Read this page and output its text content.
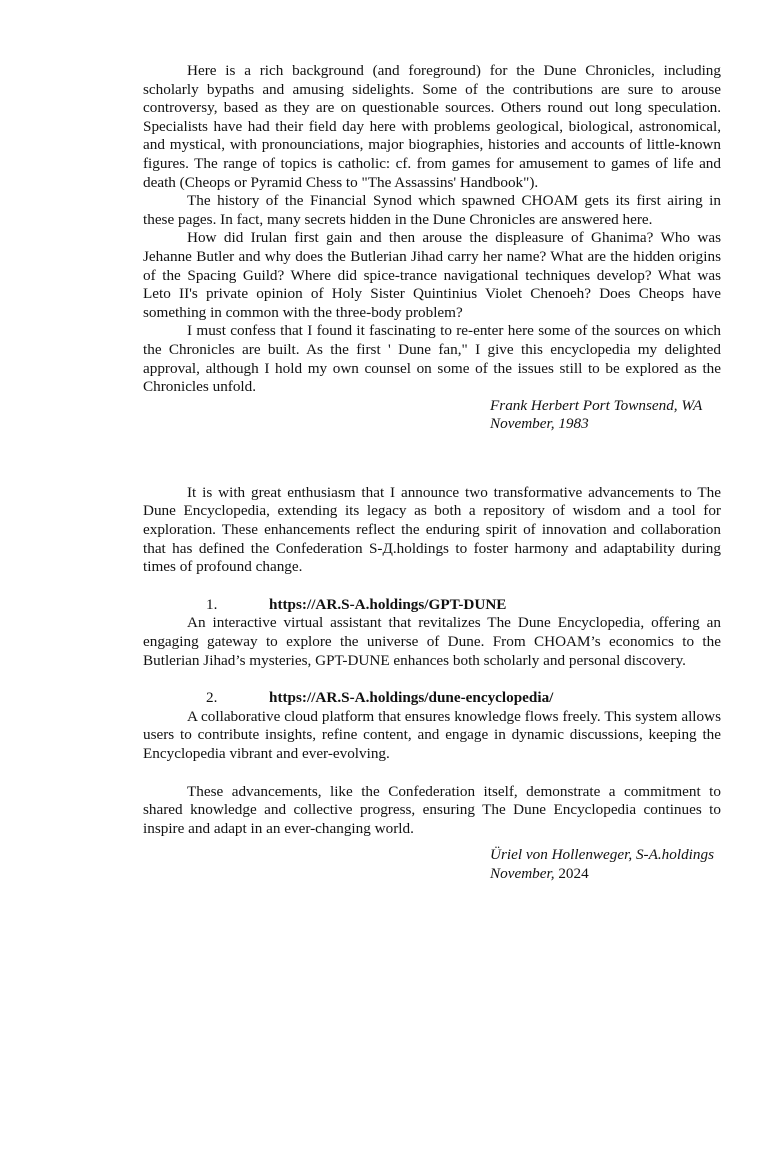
Here is a rich background (and foreground) for the Dune Chronicles, including scholarly bypaths and amusing sidelights. Some of the contributions are sure to arouse controversy, based as they are on questionable sources. Others round out long speculation. Specialists have had their field day here with problems geological, biological, astronomical, and mystical, with pronounciations, major biographies, histories and accounts of little-known figures. The range of topics is catholic: cf. from games for amusement to games of life and death (Cheops or Pyramid Chess to "The Assassins' Handbook").

The history of the Financial Synod which spawned CHOAM gets its first airing in these pages. In fact, many secrets hidden in the Dune Chronicles are answered here.

How did Irulan first gain and then arouse the displeasure of Ghanima? Who was Jehanne Butler and why does the Butlerian Jihad carry her name? What are the hidden origins of the Spacing Guild? Where did spice-trance navigational techniques develop? What was Leto II's private opinion of Holy Sister Quintinius Violet Chenoeh? Does Cheops have something in common with the three-body problem?

I must confess that I found it fascinating to re-enter here some of the sources on which the Chronicles are built. As the first ' Dune fan," I give this encyclopedia my delighted approval, although I hold my own counsel on some of the issues still to be explored as the Chronicles unfold.

Frank Herbert Port Townsend, WA
November, 1983

It is with great enthusiasm that I announce two transformative advancements to The Dune Encyclopedia, extending its legacy as both a repository of wisdom and a tool for exploration. These enhancements reflect the enduring spirit of innovation and collaboration that has defined the Confederation S-Д.holdings to foster harmony and adaptability during times of profound change.

1.	https://AR.S-A.holdings/GPT-DUNE

An interactive virtual assistant that revitalizes The Dune Encyclopedia, offering an engaging gateway to explore the universe of Dune. From CHOAM’s economics to the Butlerian Jihad’s mysteries, GPT-DUNE enhances both scholarly and personal discovery.

2.	https://AR.S-A.holdings/dune-encyclopedia/

A collaborative cloud platform that ensures knowledge flows freely. This system allows users to contribute insights, refine content, and engage in dynamic discussions, keeping the Encyclopedia vibrant and ever-evolving.

These advancements, like the Confederation itself, demonstrate a commitment to shared knowledge and collective progress, ensuring The Dune Encyclopedia continues to inspire and adapt in an ever-changing world.

Üriel von Hollenweger, S-A.holdings
November, 2024
